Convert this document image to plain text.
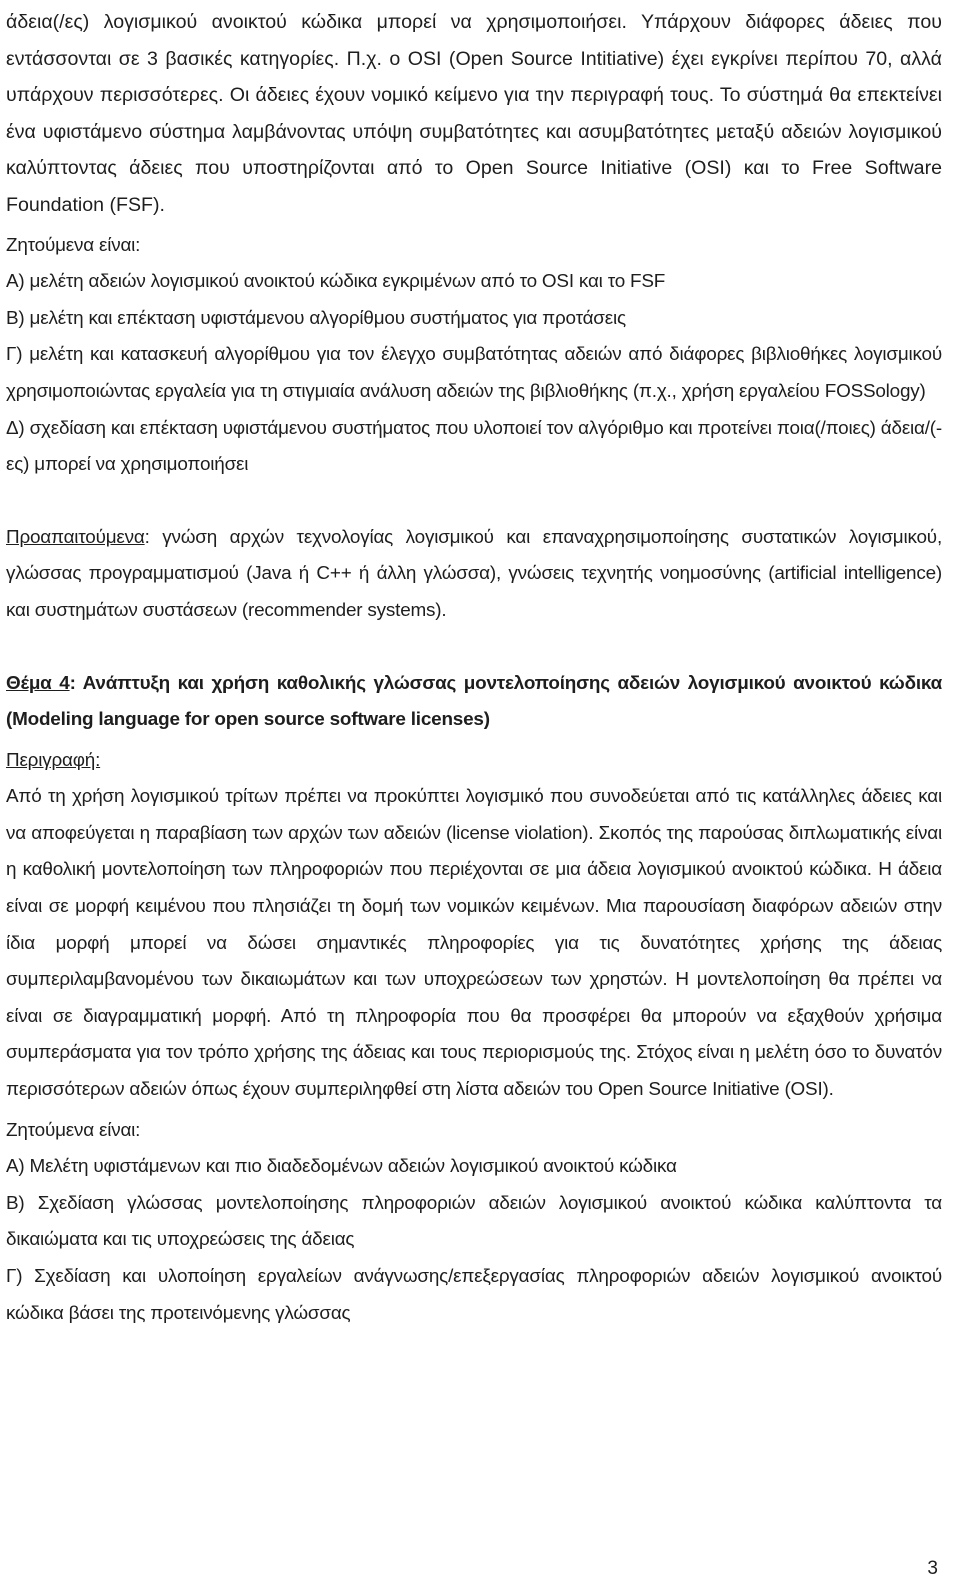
άδεια(/ες) λογισμικού ανοικτού κώδικα μπορεί να χρησιμοποιήσει. Υπάρχουν διάφορες άδειες που εντάσσονται σε 3 βασικές κατηγορίες. Π.χ. ο OSI (Open Source Intitiative) έχει εγκρίνει περίπου 70, αλλά υπάρχουν περισσότερες. Οι άδειες έχουν νομικό κείμενο για την περιγραφή τους. Το σύστημά θα επεκτείνει ένα υφιστάμενο σύστημα λαμβάνοντας υπόψη συμβατότητες και ασυμβατότητες μεταξύ αδειών λογισμικού καλύπτοντας άδειες που υποστηρίζονται από το Open Source Initiative (OSI) και το Free Software Foundation (FSF).

Ζητούμενα είναι:

Α) μελέτη αδειών λογισμικού ανοικτού κώδικα εγκριμένων από το OSI και το FSF

Β) μελέτη και επέκταση υφιστάμενου αλγορίθμου συστήματος για προτάσεις

Γ) μελέτη και κατασκευή αλγορίθμου για τον έλεγχο συμβατότητας αδειών από διάφορες βιβλιοθήκες λογισμικού χρησιμοποιώντας εργαλεία για τη στιγμιαία ανάλυση αδειών της βιβλιοθήκης (π.χ., χρήση εργαλείου FOSSology)

Δ) σχεδίαση και επέκταση υφιστάμενου συστήματος που υλοποιεί τον αλγόριθμο και προτείνει ποια(/ποιες) άδεια/(-ες) μπορεί να χρησιμοποιήσει

Προαπαιτούμενα: γνώση αρχών τεχνολογίας λογισμικού και επαναχρησιμοποίησης συστατικών λογισμικού, γλώσσας προγραμματισμού (Java ή C++ ή άλλη γλώσσα), γνώσεις τεχνητής νοημοσύνης (artificial intelligence) και συστημάτων συστάσεων (recommender systems).

Θέμα 4: Ανάπτυξη και χρήση καθολικής γλώσσας μοντελοποίησης αδειών λογισμικού ανοικτού κώδικα (Modeling language for open source software licenses)

Περιγραφή:

Από τη χρήση λογισμικού τρίτων πρέπει να προκύπτει λογισμικό που συνοδεύεται από τις κατάλληλες άδειες και να αποφεύγεται η παραβίαση των αρχών των αδειών (license violation). Σκοπός της παρούσας διπλωματικής είναι η καθολική μοντελοποίηση των πληροφοριών που περιέχονται σε μια άδεια λογισμικού ανοικτού κώδικα. Η άδεια είναι σε μορφή κειμένου που πλησιάζει τη δομή των νομικών κειμένων. Μια παρουσίαση διαφόρων αδειών στην ίδια μορφή μπορεί να δώσει σημαντικές πληροφορίες για τις δυνατότητες χρήσης της άδειας συμπεριλαμβανομένου των δικαιωμάτων και των υποχρεώσεων των χρηστών. Η μοντελοποίηση θα πρέπει να είναι σε διαγραμματική μορφή. Από τη πληροφορία που θα προσφέρει θα μπορούν να εξαχθούν χρήσιμα συμπεράσματα για τον τρόπο χρήσης της άδειας και τους περιορισμούς της. Στόχος είναι η μελέτη όσο το δυνατόν περισσότερων αδειών όπως έχουν συμπεριληφθεί στη λίστα αδειών του Open Source Initiative (OSI).

Ζητούμενα είναι:

Α) Μελέτη υφιστάμενων και πιο διαδεδομένων αδειών λογισμικού ανοικτού κώδικα

Β) Σχεδίαση γλώσσας μοντελοποίησης πληροφοριών αδειών λογισμικού ανοικτού κώδικα καλύπτοντα τα δικαιώματα και τις υποχρεώσεις της άδειας

Γ) Σχεδίαση και υλοποίηση εργαλείων ανάγνωσης/επεξεργασίας πληροφοριών αδειών λογισμικού ανοικτού κώδικα βάσει της προτεινόμενης γλώσσας

3
